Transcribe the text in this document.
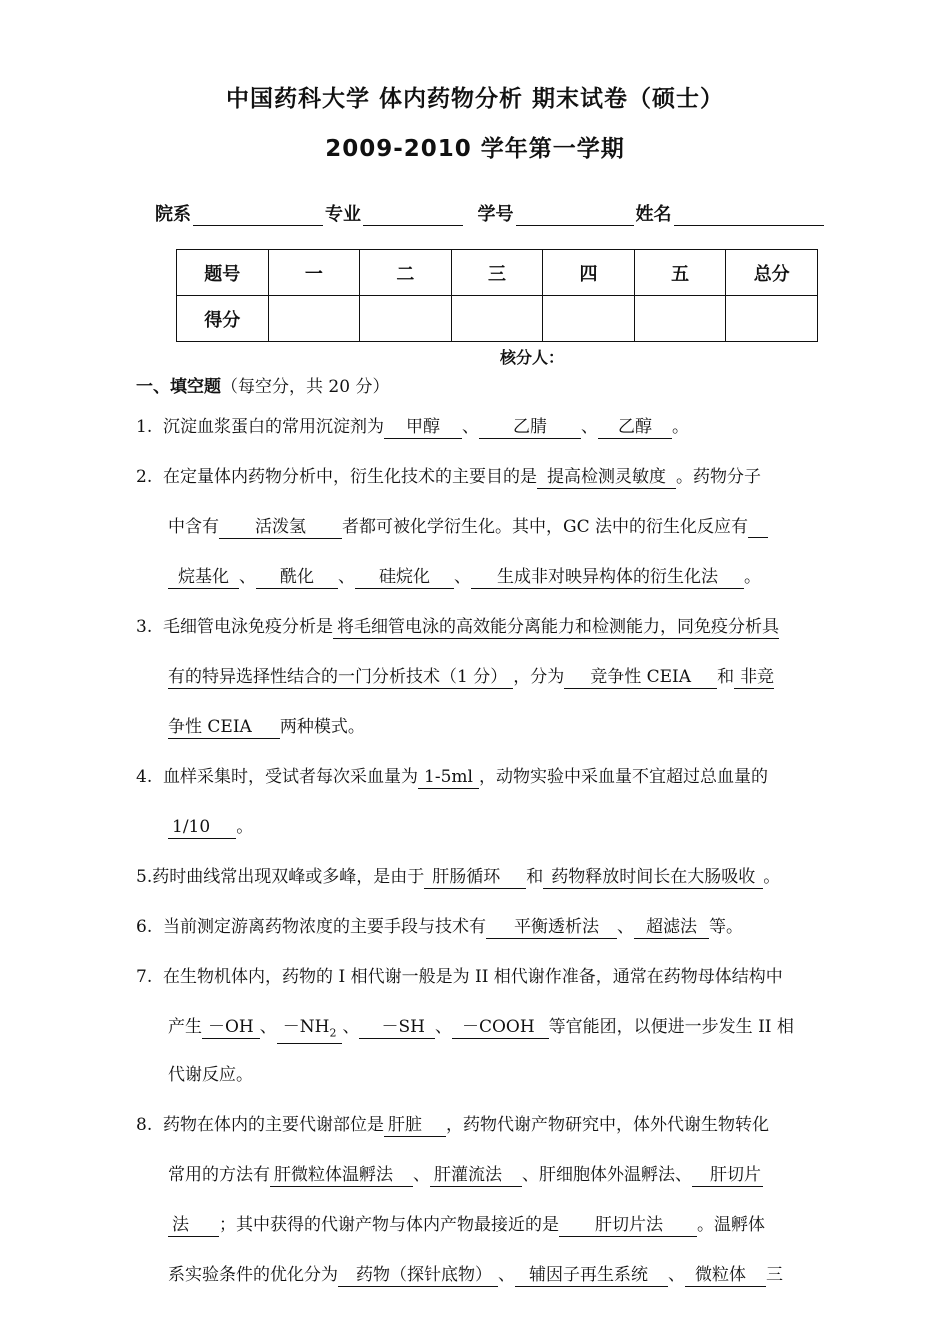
中国药科大学 体内药物分析 期末试卷（硕士）
2009-2010 学年第一学期
院系	专业	学号	姓名
题号	一	二	三	四	五	总分
得分						
核分人：
一、填空题（每空分，共 20 分）
1. 沉淀血浆蛋白的常用沉淀剂为 甲醇 、 乙腈 、 乙醇 。
2. 在定量体内药物分析中，衍生化技术的主要目的是 提高检测灵敏度 。药物分子
中含有 活泼氢 者都可被化学衍生化。其中，GC 法中的衍生化反应有
烷基化 、 酰化 、 硅烷化 、 生成非对映异构体的衍生化法 。
3. 毛细管电泳免疫分析是 将毛细管电泳的高效能分离能力和检测能力，同免疫分析具
有的特异选择性结合的一门分析技术（1 分） ，分为 竞争性 CEIA 和 非竞
争性 CEIA 两种模式。
4. 血样采集时，受试者每次采血量为 1-5ml ，动物实验中采血量不宜超过总血量的
1/10 。
5.药时曲线常出现双峰或多峰，是由于 肝肠循环 和 药物释放时间长在大肠吸收 。
6. 当前测定游离药物浓度的主要手段与技术有 平衡透析法 、 超滤法 等。
7. 在生物机体内，药物的 I 相代谢一般是为 II 相代谢作准备，通常在药物母体结构中
产生 －OH 、 $-NH_2$ 、 －SH 、 －COOH 等官能团，以便进一步发生 II 相
代谢反应。
8. 药物在体内的主要代谢部位是 肝脏 ，药物代谢产物研究中，体外代谢生物转化
常用的方法有 肝微粒体温孵法 、 肝灌流法 、肝细胞体外温孵法、 肝切片
法 ；其中获得的代谢产物与体内产物最接近的是 肝切片法 。温孵体
系实验条件的优化分为 药物（探针底物） 、 辅因子再生系统 、 微粒体 三
